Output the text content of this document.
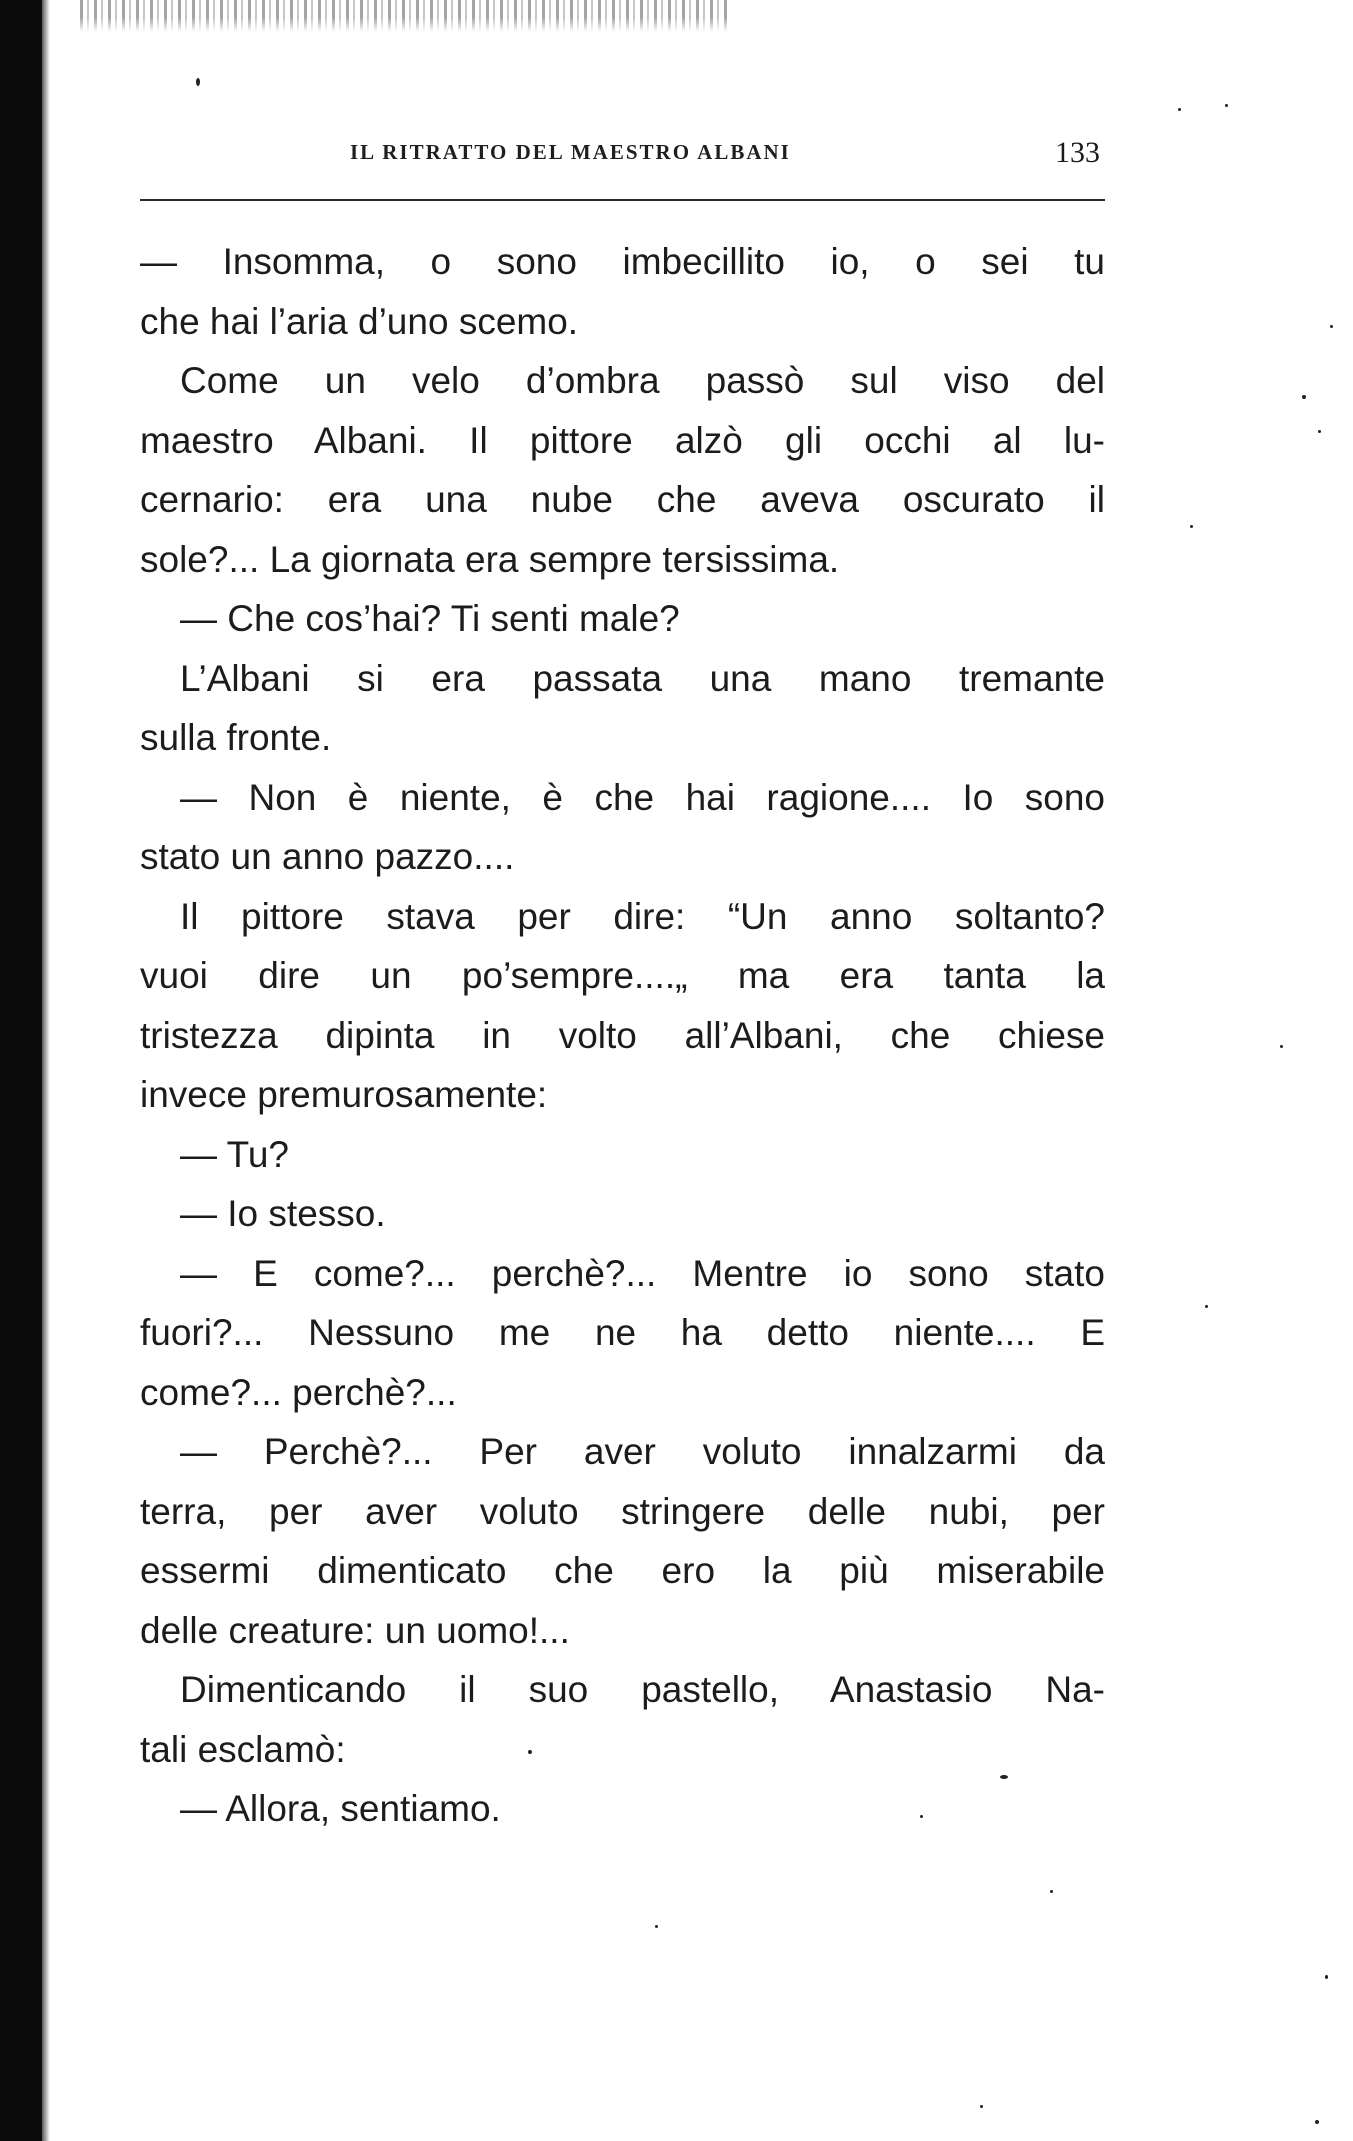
IL RITRATTO DEL MAESTRO ALBANI	133
— Insomma, o sono imbecillito io, o sei tu
che hai l’aria d’uno scemo.
Come un velo d’ombra passò sul viso del
maestro Albani. Il pittore alzò gli occhi al lu-
cernario: era una nube che aveva oscurato il
sole?... La giornata era sempre tersissima.
— Che cos’hai? Ti senti male?
L’Albani si era passata una mano tremante
sulla fronte.
— Non è niente, è che hai ragione.... Io sono
stato un anno pazzo....
Il pittore stava per dire: “Un anno soltanto?
vuoi dire un po’sempre....„ ma era tanta la
tristezza dipinta in volto all’Albani, che chiese
invece premurosamente:
— Tu?
— Io stesso.
— E come?... perchè?... Mentre io sono stato
fuori?... Nessuno me ne ha detto niente.... E
come?... perchè?...
— Perchè?... Per aver voluto innalzarmi da
terra, per aver voluto stringere delle nubi, per
essermi dimenticato che ero la più miserabile
delle creature: un uomo!...
Dimenticando il suo pastello, Anastasio Na-
tali esclamò:
— Allora, sentiamo.
